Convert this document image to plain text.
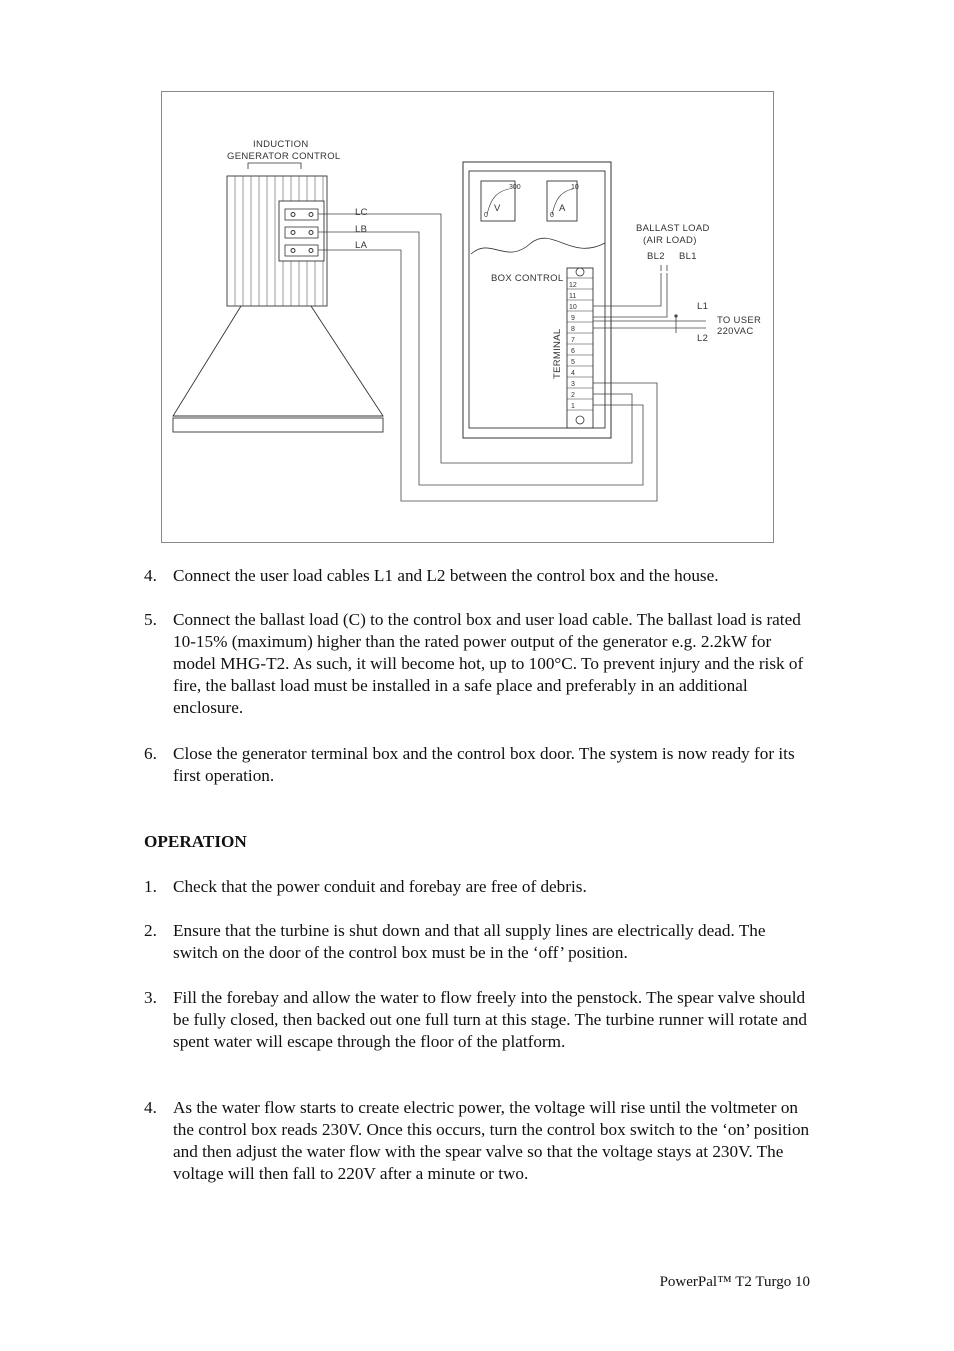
INDUCTION
GENERATOR CONTROL
LC
LB
LA
V
300
0
A
10
0
BOX CONTROL
12
11
10
9
8
7
6
5
4
3
2
1
TERMINAL
BALLAST LOAD
(AIR LOAD)
BL2 BL1
L1
L2
TO USER
220VAC
4. Connect the user load cables L1 and L2 between the control box and the house.
5. Connect the ballast load (C) to the control box and user load cable. The ballast load is rated 10-15% (maximum) higher than the rated power output of the generator e.g. 2.2kW for model MHG-T2. As such, it will become hot, up to 100°C. To prevent injury and the risk of fire, the ballast load must be installed in a safe place and preferably in an additional enclosure.
6. Close the generator terminal box and the control box door. The system is now ready for its first operation.
OPERATION
1. Check that the power conduit and forebay are free of debris.
2. Ensure that the turbine is shut down and that all supply lines are electrically dead. The switch on the door of the control box must be in the ‘off’ position.
3. Fill the forebay and allow the water to flow freely into the penstock. The spear valve should be fully closed, then backed out one full turn at this stage. The turbine runner will rotate and spent water will escape through the floor of the platform.
4. As the water flow starts to create electric power, the voltage will rise until the voltmeter on the control box reads 230V. Once this occurs, turn the control box switch to the ‘on’ position and then adjust the water flow with the spear valve so that the voltage stays at 230V. The voltage will then fall to 220V after a minute or two.
PowerPal™ T2 Turgo 10
